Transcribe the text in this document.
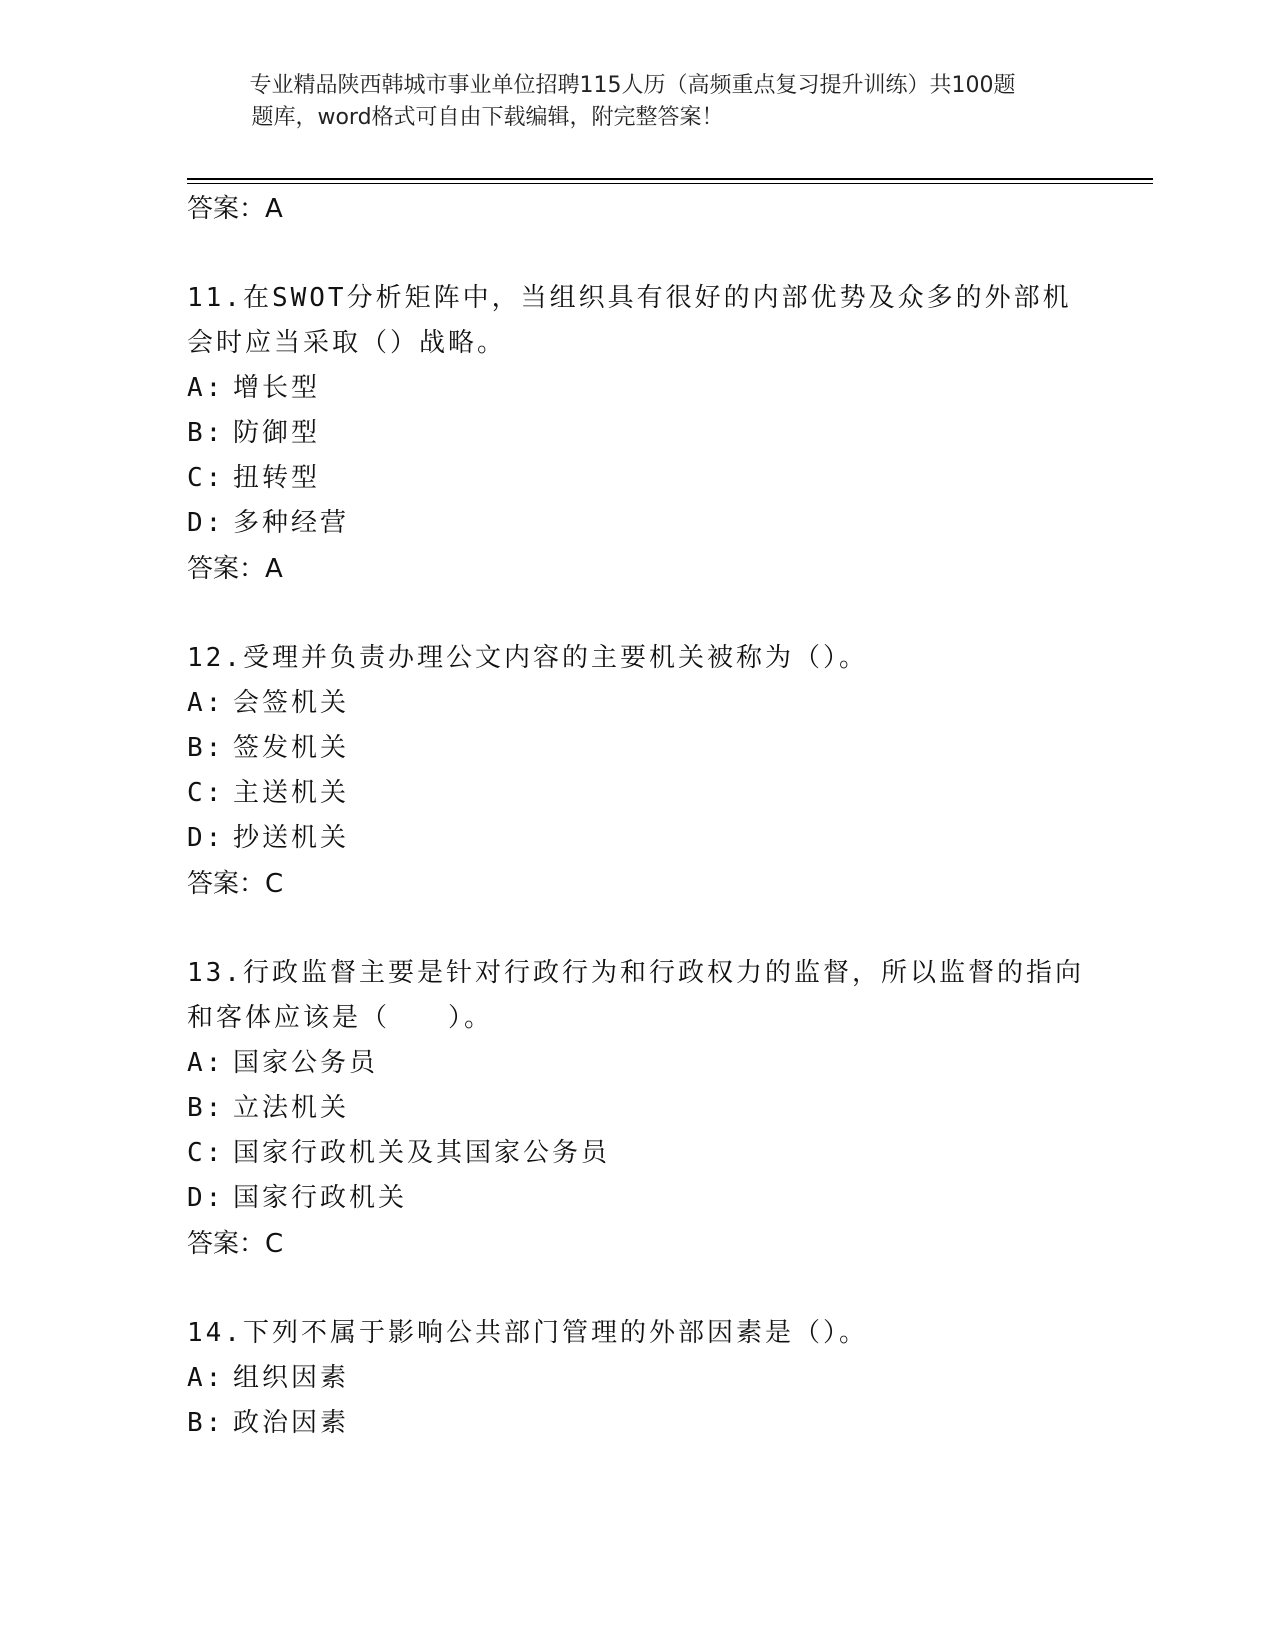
专业精品陕西韩城市事业单位招聘115人历（高频重点复习提升训练）共100题
题库，word格式可自由下载编辑，附完整答案！
答案：A
11.在SWOT分析矩阵中，当组织具有很好的内部优势及众多的外部机
会时应当采取（）战略。
A: 增长型
B: 防御型
C: 扭转型
D: 多种经营
答案：A
12.受理并负责办理公文内容的主要机关被称为（）。
A: 会签机关
B: 签发机关
C: 主送机关
D: 抄送机关
答案：C
13.行政监督主要是针对行政行为和行政权力的监督，所以监督的指向
和客体应该是（　　）。
A: 国家公务员
B: 立法机关
C: 国家行政机关及其国家公务员
D: 国家行政机关
答案：C
14.下列不属于影响公共部门管理的外部因素是（）。
A: 组织因素
B: 政治因素
